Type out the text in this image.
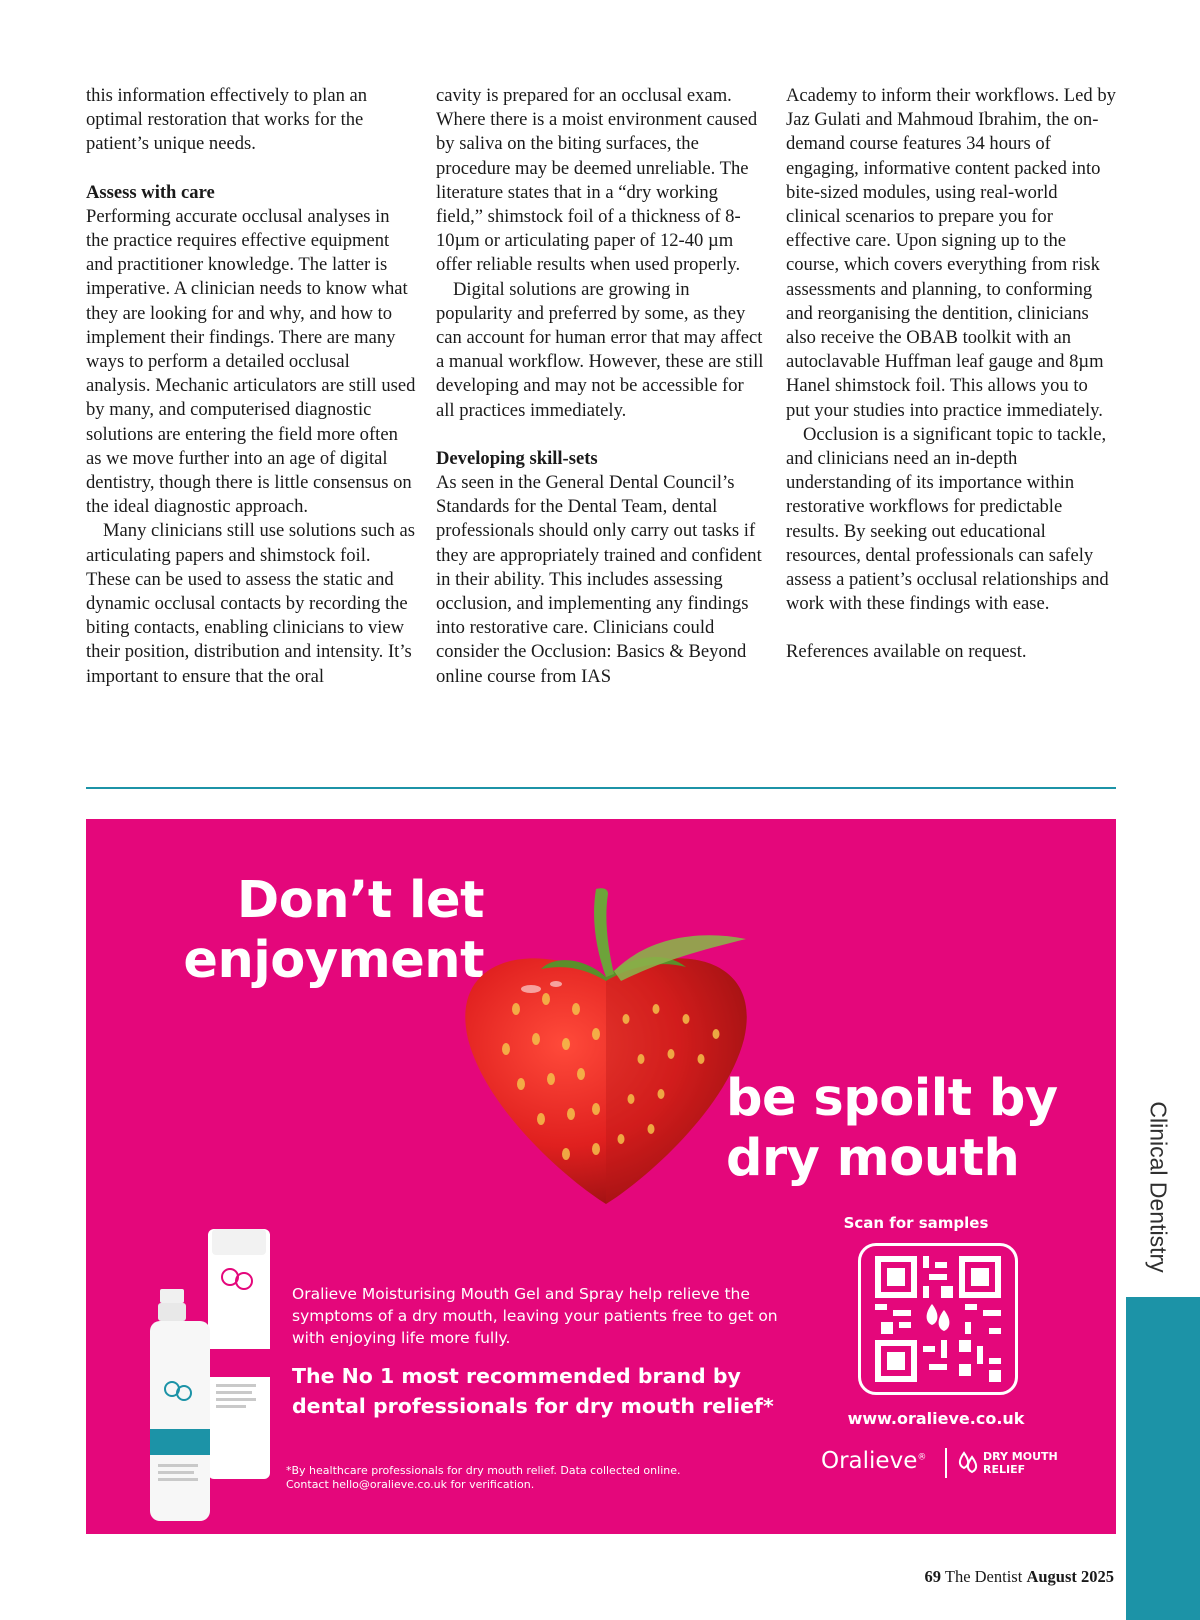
this information effectively to plan an optimal restoration that works for the patient’s unique needs.

Assess with care

Performing accurate occlusal analyses in the practice requires effective equipment and practitioner knowledge. The latter is imperative. A clinician needs to know what they are looking for and why, and how to implement their findings. There are many ways to perform a detailed occlusal analysis. Mechanic articulators are still used by many, and computerised diagnostic solutions are entering the field more often as we move further into an age of digital dentistry, though there is little consensus on the ideal diagnostic approach.

Many clinicians still use solutions such as articulating papers and shimstock foil. These can be used to assess the static and dynamic occlusal contacts by recording the biting contacts, enabling clinicians to view their position, distribution and intensity. It’s important to ensure that the oral

cavity is prepared for an occlusal exam. Where there is a moist environment caused by saliva on the biting surfaces, the procedure may be deemed unreliable. The literature states that in a “dry working field,” shimstock foil of a thickness of 8-10µm or articulating paper of 12-40 µm offer reliable results when used properly.

Digital solutions are growing in popularity and preferred by some, as they can account for human error that may affect a manual workflow. However, these are still developing and may not be accessible for all practices immediately.

Developing skill-sets

As seen in the General Dental Council’s Standards for the Dental Team, dental professionals should only carry out tasks if they are appropriately trained and confident in their ability. This includes assessing occlusion, and implementing any findings into restorative care. Clinicians could consider the Occlusion: Basics & Beyond online course from IAS

Academy to inform their workflows. Led by Jaz Gulati and Mahmoud Ibrahim, the on-demand course features 34 hours of engaging, informative content packed into bite-sized modules, using real-world clinical scenarios to prepare you for effective care. Upon signing up to the course, which covers everything from risk assessments and planning, to conforming and reorganising the dentition, clinicians also receive the OBAB toolkit with an autoclavable Huffman leaf gauge and 8µm Hanel shimstock foil. This allows you to put your studies into practice immediately.

Occlusion is a significant topic to tackle, and clinicians need an in-depth understanding of its importance within restorative workflows for predictable results. By seeking out educational resources, dental professionals can safely assess a patient’s occlusal relationships and work with these findings with ease.

References available on request.

Don’t let
enjoyment
be spoilt by
dry mouth
Oralieve Moisturising Mouth Gel and Spray help relieve the symptoms of a dry mouth, leaving your patients free to get on with enjoying life more fully.
The No 1 most recommended brand by dental professionals for dry mouth relief*
*By healthcare professionals for dry mouth relief. Data collected online.
Contact hello@oralieve.co.uk for verification.
Scan for samples
www.oralieve.co.uk
Oralieve®	DRY MOUTH
RELIEF
Clinical Dentistry
69 The Dentist August 2025
